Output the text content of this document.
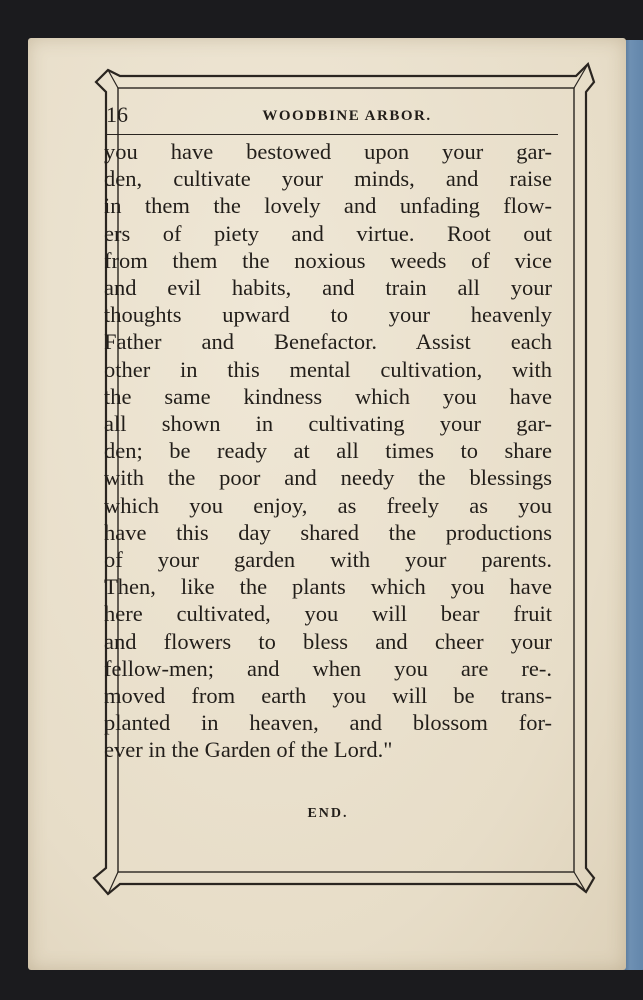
16	WOODBINE ARBOR.
you have bestowed upon your gar-
den, cultivate your minds, and raise
in them the lovely and unfading flow-
ers of piety and virtue. Root out
from them the noxious weeds of vice
and evil habits, and train all your
thoughts upward to your heavenly
Father and Benefactor. Assist each
other in this mental cultivation, with
the same kindness which you have
all shown in cultivating your gar-
den; be ready at all times to share
with the poor and needy the blessings
which you enjoy, as freely as you
have this day shared the productions
of your garden with your parents.
Then, like the plants which you have
here cultivated, you will bear fruit
and flowers to bless and cheer your
fellow-men; and when you are re-.
moved from earth you will be trans-
planted in heaven, and blossom for-
ever in the Garden of the Lord."
END.
